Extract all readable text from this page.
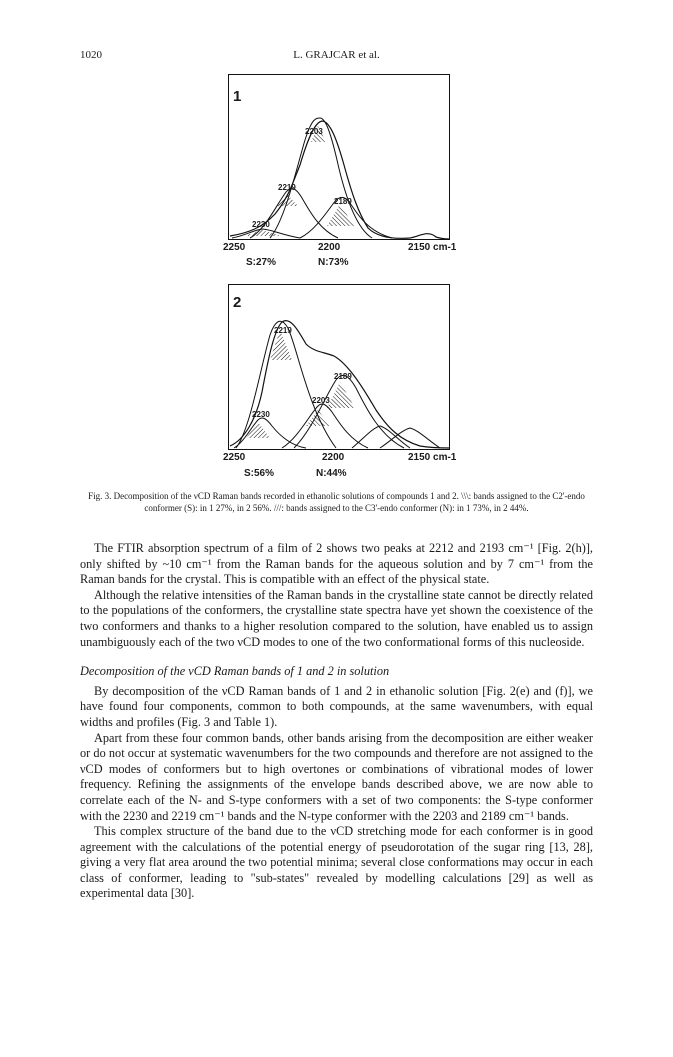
1020	L. GRAJCAR et al.
1
2203
2219
2189
2230
2250	2200	2150 cm-1
S:27%	N:73%
2
2219
2189
2203
2230
2250	2200	2150 cm-1
S:56%	N:44%
Fig. 3. Decomposition of the νCD Raman bands recorded in ethanolic solutions of compounds 1 and 2. \\\: bands assigned to the C2'-endo conformer (S): in 1 27%, in 2 56%. ///: bands assigned to the C3'-endo conformer (N): in 1 73%, in 2 44%.

The FTIR absorption spectrum of a film of 2 shows two peaks at 2212 and 2193 cm⁻¹ [Fig. 2(h)], only shifted by ~10 cm⁻¹ from the Raman bands for the aqueous solution and by 7 cm⁻¹ from the Raman bands for the crystal. This is compatible with an effect of the physical state.

Although the relative intensities of the Raman bands in the crystalline state cannot be directly related to the populations of the conformers, the crystalline state spectra have yet shown the coexistence of the two conformers and thanks to a higher resolution compared to the solution, have enabled us to assign unambiguously each of the two νCD modes to one of the two conformational forms of this nucleoside.

Decomposition of the νCD Raman bands of 1 and 2 in solution

By decomposition of the νCD Raman bands of 1 and 2 in ethanolic solution [Fig. 2(e) and (f)], we have found four components, common to both compounds, at the same wavenumbers, with equal widths and profiles (Fig. 3 and Table 1).

Apart from these four common bands, other bands arising from the decomposition are either weaker or do not occur at systematic wavenumbers for the two compounds and therefore are not assigned to the νCD modes of conformers but to high overtones or combinations of vibrational modes of lower frequency. Refining the assignments of the envelope bands described above, we are now able to correlate each of the N- and S-type conformers with a set of two components: the S-type conformer with the 2230 and 2219 cm⁻¹ bands and the N-type conformer with the 2203 and 2189 cm⁻¹ bands.

This complex structure of the band due to the νCD stretching mode for each conformer is in good agreement with the calculations of the potential energy of pseudorotation of the sugar ring [13, 28], giving a very flat area around the two potential minima; several close conformations may occur in each class of conformer, leading to "sub-states" revealed by modelling calculations [29] as well as experimental data [30].
